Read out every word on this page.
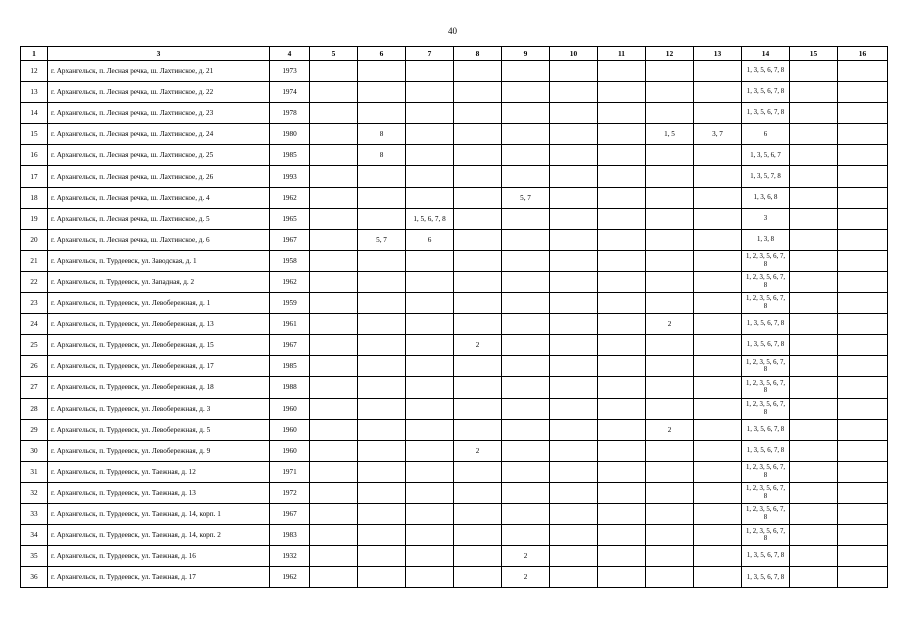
40
1	3	4	5	6	7	8	9	10	11	12	13	14	15	16
12	г. Архангельск, п. Лесная речка, ш. Лахтинское, д. 21	1973										1, 3, 5, 6, 7, 8		
13	г. Архангельск, п. Лесная речка, ш. Лахтинское, д. 22	1974										1, 3, 5, 6, 7, 8		
14	г. Архангельск, п. Лесная речка, ш. Лахтинское, д. 23	1978										1, 3, 5, 6, 7, 8		
15	г. Архангельск, п. Лесная речка, ш. Лахтинское, д. 24	1980		8						1, 5	3, 7	6		
16	г. Архангельск, п. Лесная речка, ш. Лахтинское, д. 25	1985		8								1, 3, 5, 6, 7		
17	г. Архангельск, п. Лесная речка, ш. Лахтинское, д. 26	1993										1, 3, 5, 7, 8		
18	г. Архангельск, п. Лесная речка, ш. Лахтинское, д. 4	1962					5, 7					1, 3, 6, 8		
19	г. Архангельск, п. Лесная речка, ш. Лахтинское, д. 5	1965			1, 5, 6, 7, 8							3		
20	г. Архангельск, п. Лесная речка, ш. Лахтинское, д. 6	1967		5, 7	6							1, 3, 8		
21	г. Архангельск, п. Турдеевск, ул. Заводская, д. 1	1958										1, 2, 3, 5, 6, 7, 8		
22	г. Архангельск, п. Турдеевск, ул. Западная, д. 2	1962										1, 2, 3, 5, 6, 7, 8		
23	г. Архангельск, п. Турдеевск, ул. Левобережная, д. 1	1959										1, 2, 3, 5, 6, 7, 8		
24	г. Архангельск, п. Турдеевск, ул. Левобережная, д. 13	1961								2		1, 3, 5, 6, 7, 8		
25	г. Архангельск, п. Турдеевск, ул. Левобережная, д. 15	1967				2						1, 3, 5, 6, 7, 8		
26	г. Архангельск, п. Турдеевск, ул. Левобережная, д. 17	1985										1, 2, 3, 5, 6, 7, 8		
27	г. Архангельск, п. Турдеевск, ул. Левобережная, д. 18	1988										1, 2, 3, 5, 6, 7, 8		
28	г. Архангельск, п. Турдеевск, ул. Левобережная, д. 3	1960										1, 2, 3, 5, 6, 7, 8		
29	г. Архангельск, п. Турдеевск, ул. Левобережная, д. 5	1960								2		1, 3, 5, 6, 7, 8		
30	г. Архангельск, п. Турдеевск, ул. Левобережная, д. 9	1960				2						1, 3, 5, 6, 7, 8		
31	г. Архангельск, п. Турдеевск, ул. Таежная, д. 12	1971										1, 2, 3, 5, 6, 7, 8		
32	г. Архангельск, п. Турдеевск, ул. Таежная, д. 13	1972										1, 2, 3, 5, 6, 7, 8		
33	г. Архангельск, п. Турдеевск, ул. Таежная, д. 14, корп. 1	1967										1, 2, 3, 5, 6, 7, 8		
34	г. Архангельск, п. Турдеевск, ул. Таежная, д. 14, корп. 2	1983										1, 2, 3, 5, 6, 7, 8		
35	г. Архангельск, п. Турдеевск, ул. Таежная, д. 16	1932					2					1, 3, 5, 6, 7, 8		
36	г. Архангельск, п. Турдеевск, ул. Таежная, д. 17	1962					2					1, 3, 5, 6, 7, 8		
